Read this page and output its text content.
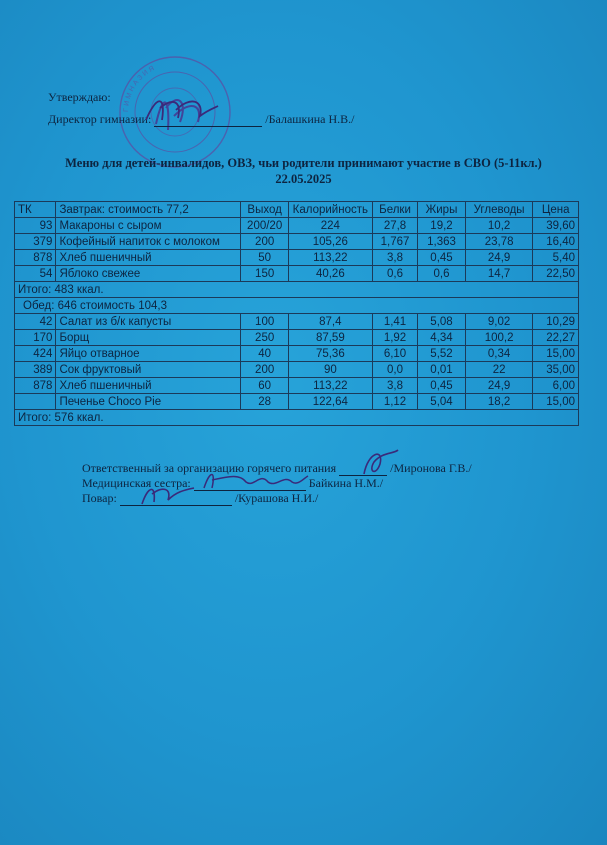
ГИМНАЗИЯ
Утверждаю:
Директор гимназии:	/Балашкина Н.В./
Меню для детей-инвалидов, ОВЗ, чьи родители принимают участие в СВО (5-11кл.)
22.05.2025
ТК	Завтрак: стоимость 77,2	Выход	Калорийность	Белки	Жиры	Углеводы	Цена
93	Макароны с сыром	200/20	224	27,8	19,2	10,2	39,60
379	Кофейный напиток с молоком	200	105,26	1,767	1,363	23,78	16,40
878	Хлеб пшеничный	50	113,22	3,8	0,45	24,9	5,40
54	Яблоко свежее	150	40,26	0,6	0,6	14,7	22,50
Итого: 483 ккал.							
Обед: 646 стоимость 104,3							
42	Салат из б/к капусты	100	87,4	1,41	5,08	9,02	10,29
170	Борщ	250	87,59	1,92	4,34	100,2	22,27
424	Яйцо отварное	40	75,36	6,10	5,52	0,34	15,00
389	Сок фруктовый	200	90	0,0	0,01	22	35,00
878	Хлеб пшеничный	60	113,22	3,8	0,45	24,9	6,00
	Печенье Choco Pie	28	122,64	1,12	5,04	18,2	15,00
Итого: 576 ккал.							
Ответственный за организацию горячего питания	/Миронова Г.В./
Медицинская сестра:	Байкина Н.М./
Повар:	/Курашова Н.И./
